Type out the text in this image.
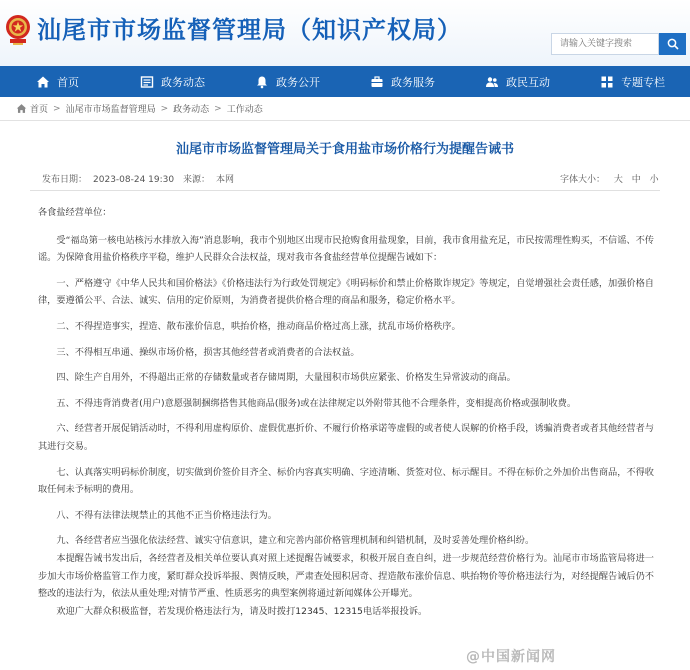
汕尾市市场监督管理局（知识产权局）
请输入关键字搜索
首页	政务动态	政务公开	政务服务	政民互动	专题专栏
首页 > 汕尾市市场监督管理局 > 政务动态 > 工作动态
汕尾市市场监督管理局关于食用盐市场价格行为提醒告诫书
发布日期： 2023-08-24 19:30 来源： 本网	字体大小： 大 中 小

各食盐经营单位：

受“福岛第一核电站核污水排放入海”消息影响，我市个别地区出现市民抢购食用盐现象，目前，我市食用盐充足，市民按需理性购买，不信谣、不传谣。为保障食用盐价格秩序平稳，维护人民群众合法权益，现对我市各食盐经营单位提醒告诫如下：

一、严格遵守《中华人民共和国价格法》《价格违法行为行政处罚规定》《明码标价和禁止价格欺诈规定》等规定，自觉增强社会责任感，加强价格自律，要遵循公平、合法、诚实、信用的定价原则，为消费者提供价格合理的商品和服务，稳定价格水平。

二、不得捏造事实，捏造、散布涨价信息，哄抬价格，推动商品价格过高上涨，扰乱市场价格秩序。

三、不得相互串通、操纵市场价格，损害其他经营者或消费者的合法权益。

四、除生产自用外，不得超出正常的存储数量或者存储周期，大量囤积市场供应紧张、价格发生异常波动的商品。

五、不得违背消费者(用户)意愿强制捆绑搭售其他商品(服务)或在法律规定以外附带其他不合理条件，变相提高价格或强制收费。

六、经营者开展促销活动时，不得利用虚构原价、虚假优惠折价、不履行价格承诺等虚假的或者使人误解的价格手段，诱骗消费者或者其他经营者与其进行交易。

七、认真落实明码标价制度，切实做到价签价目齐全、标价内容真实明确、字迹清晰、货签对位、标示醒目。不得在标价之外加价出售商品，不得收取任何未予标明的费用。

八、不得有法律法规禁止的其他不正当价格违法行为。

九、各经营者应当强化依法经营、诚实守信意识，建立和完善内部价格管理机制和纠错机制，及时妥善处理价格纠纷。

本提醒告诫书发出后，各经营者及相关单位要认真对照上述提醒告诫要求，积极开展自查自纠，进一步规范经营价格行为。汕尾市市场监管局将进一步加大市场价格监管工作力度，紧盯群众投诉举报、舆情反映，严肃查处囤积居奇、捏造散布涨价信息、哄抬物价等价格违法行为，对经提醒告诫后仍不整改的违法行为，依法从重处理;对情节严重、性质恶劣的典型案例将通过新闻媒体公开曝光。

欢迎广大群众积极监督，若发现价格违法行为，请及时拨打12345、12315电话举报投诉。

@中国新闻网
